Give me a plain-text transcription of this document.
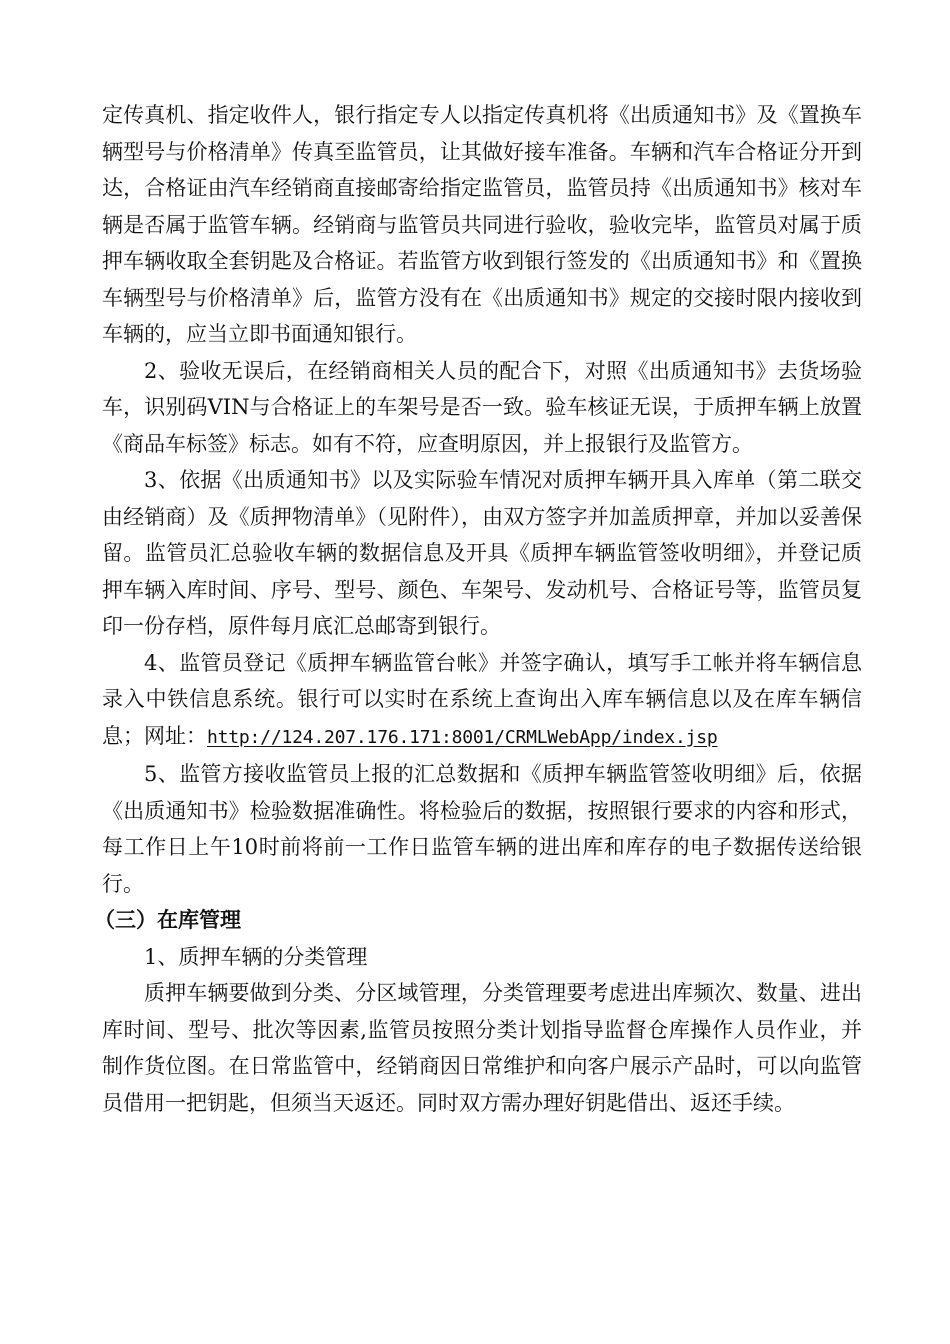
定传真机、指定收件人，银行指定专人以指定传真机将《出质通知书》及《置换车辆型号与价格清单》传真至监管员，让其做好接车准备。车辆和汽车合格证分开到达，合格证由汽车经销商直接邮寄给指定监管员，监管员持《出质通知书》核对车辆是否属于监管车辆。经销商与监管员共同进行验收，验收完毕，监管员对属于质押车辆收取全套钥匙及合格证。若监管方收到银行签发的《出质通知书》和《置换车辆型号与价格清单》后，监管方没有在《出质通知书》规定的交接时限内接收到车辆的，应当立即书面通知银行。

2、验收无误后，在经销商相关人员的配合下，对照《出质通知书》去货场验车，识别码VIN与合格证上的车架号是否一致。验车核证无误，于质押车辆上放置《商品车标签》标志。如有不符，应查明原因，并上报银行及监管方。

3、依据《出质通知书》以及实际验车情况对质押车辆开具入库单（第二联交由经销商）及《质押物清单》（见附件），由双方签字并加盖质押章，并加以妥善保留。监管员汇总验收车辆的数据信息及开具《质押车辆监管签收明细》，并登记质押车辆入库时间、序号、型号、颜色、车架号、发动机号、合格证号等，监管员复印一份存档，原件每月底汇总邮寄到银行。

4、监管员登记《质押车辆监管台帐》并签字确认，填写手工帐并将车辆信息录入中铁信息系统。银行可以实时在系统上查询出入库车辆信息以及在库车辆信息；网址：http://124.207.176.171:8001/CRMLWebApp/index.jsp

5、监管方接收监管员上报的汇总数据和《质押车辆监管签收明细》后，依据《出质通知书》检验数据准确性。将检验后的数据，按照银行要求的内容和形式，每工作日上午10时前将前一工作日监管车辆的进出库和库存的电子数据传送给银行。

（三）在库管理

1、质押车辆的分类管理

质押车辆要做到分类、分区域管理，分类管理要考虑进出库频次、数量、进出库时间、型号、批次等因素,监管员按照分类计划指导监督仓库操作人员作业，并制作货位图。在日常监管中，经销商因日常维护和向客户展示产品时，可以向监管员借用一把钥匙，但须当天返还。同时双方需办理好钥匙借出、返还手续。
